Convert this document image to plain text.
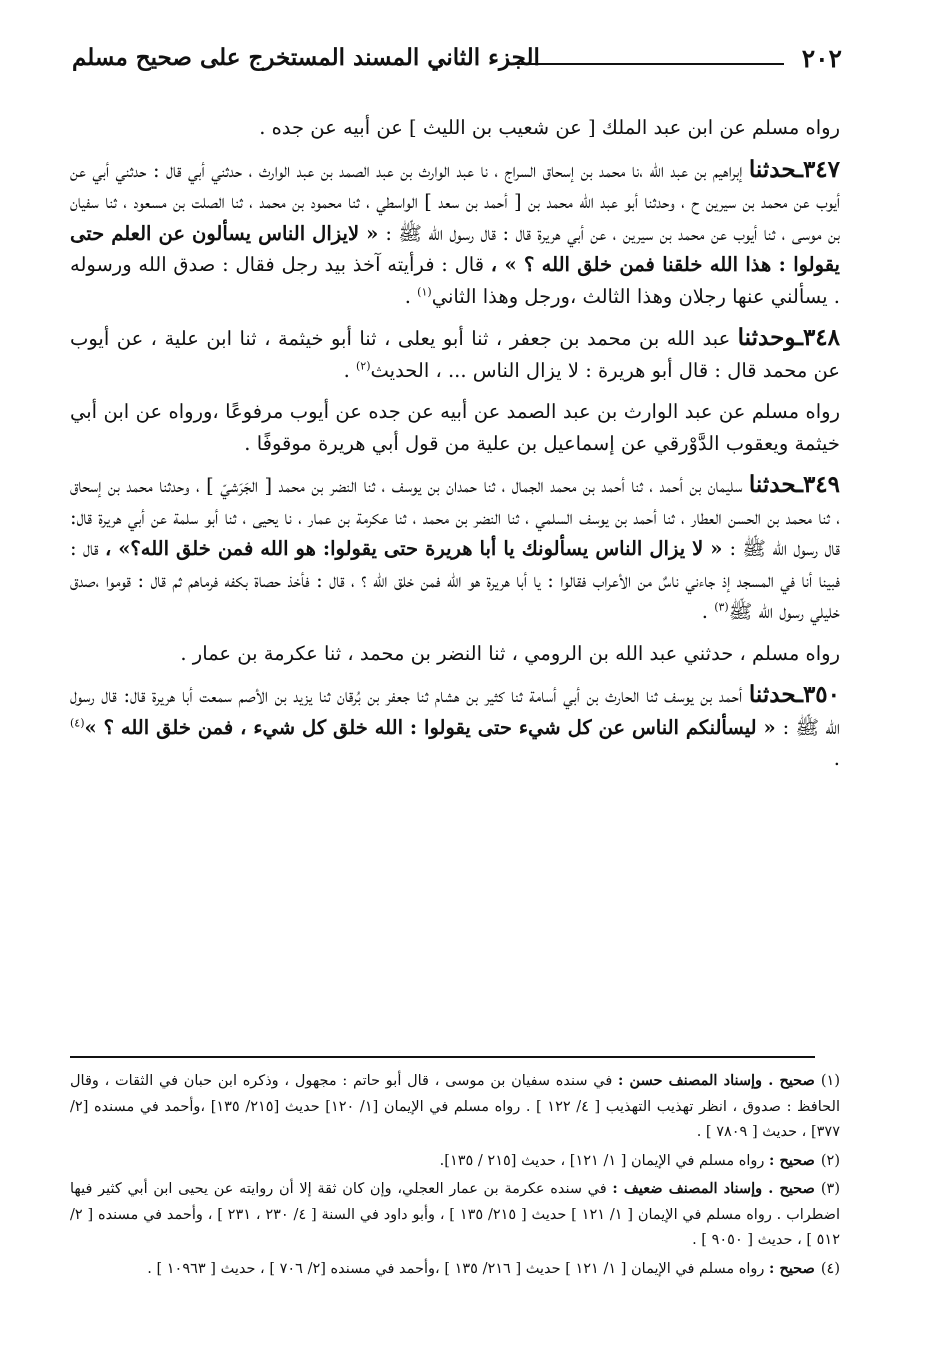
٢٠٢
الجزء الثاني المسند المستخرج على صحيح مسلم

رواه مسلم عن ابن عبد الملك [ عن شعيب بن الليث ] عن أبيه عن جده .

٣٤٧ـحدثنا إبراهيم بن عبد الله ،نا محمد بن إسحاق السراج ، نا عبد الوارث بن عبد الصمد بن عبد الوارث ، حدثني أبي قال : حدثني أبي عن أيوب عن محمد بن سيرين ح ، وحدثنا أبو عبد الله محمد بن [ أحمد بن سعد ] الواسطي ، ثنا محمود بن محمد ، ثنا الصلت بن مسعود ، ثنا سفيان بن موسى ، ثنا أيوب عن محمد بن سيرين ، عن أبي هريرة قال : قال رسول الله ﷺ : « لايزال الناس يسألون عن العلم حتى يقولوا : هذا الله خلقنا فمن خلق الله ؟ » ، قال : فرأيته آخذ بيد رجل فقال : صدق الله ورسوله . يسألني عنها رجلان وهذا الثالث ،ورجل وهذا الثاني$^{(١)}$ .

٣٤٨ـوحدثنا عبد الله بن محمد بن جعفر ، ثنا أبو يعلى ، ثنا أبو خيثمة ، ثنا ابن علية ، عن أيوب عن محمد قال : قال أبو هريرة : لا يزال الناس ... ، الحديث$^{(٢)}$ .

رواه مسلم عن عبد الوارث بن عبد الصمد عن أبيه عن جده عن أيوب مرفوعًا ،ورواه عن ابن أبي خيثمة ويعقوب الدَّوْرقي عن إسماعيل بن علية من قول أبي هريرة موقوفًا .

٣٤٩ـحدثنا سليمان بن أحمد ، ثنا أحمد بن محمد الجمال ، ثنا حمدان بن يوسف ، ثنا النضر بن محمد [ الجَرَشيّ ] ، وحدثنا محمد بن إسحاق ، ثنا محمد بن الحسن العطار ، ثنا أحمد بن يوسف السلمي ، ثنا النضر بن محمد ، ثنا عكرمة بن عمار ، نا يحيى ، ثنا أبو سلمة عن أبي هريرة قال: قال رسول الله ﷺ : « لا يزال الناس يسألونك يا أبا هريرة حتى يقولوا: هو الله فمن خلق الله؟» ، قال : فبينا أنا في المسجد إذ جاءني ناسٌ من الأعراب فقالوا : يا أبا هريرة هو الله فمن خلق الله ؟ ، قال : فأخذ حصاة بكفه فرماهم ثم قال : قوموا ،صدق خليلي رسول الله ﷺ$^{(٣)}$ .

رواه مسلم ، حدثني عبد الله بن الرومي ، ثنا النضر بن محمد ، ثنا عكرمة بن عمار .

٣٥٠ـحدثنا أحمد بن يوسف ثنا الحارث بن أبي أسامة ثنا كثير بن هشام ثنا جعفر بن بُرقان ثنا يزيد بن الأصم سمعت أبا هريرة قال: قال رسول الله ﷺ : « ليسألنكم الناس عن كل شيء حتى يقولوا : الله خلق كل شيء ، فمن خلق الله ؟ »$^{(٤)}$ .

(١)صحيح . وإسناد المصنف حسن : في سنده سفيان بن موسى ، قال أبو حاتم : مجهول ، وذكره ابن حبان في الثقات ، وقال الحافظ : صدوق ، انظر تهذيب التهذيب [ ٤/ ١٢٢ ] . رواه مسلم في الإيمان [١/ ١٢٠] حديث [٢١٥/ ١٣٥] ،وأحمد في مسنده [٢/ ٣٧٧] ، حديث [ ٧٨٠٩ ] .

(٢)صحيح : رواه مسلم في الإيمان [ ١/ ١٢١] ، حديث [٢١٥ / ١٣٥].

(٣)صحيح . وإسناد المصنف ضعيف : في سنده عكرمة بن عمار العجلي، وإن كان ثقة إلا أن روايته عن يحيى ابن أبي كثير فيها اضطراب . رواه مسلم في الإيمان [ ١/ ١٢١ ] حديث [ ٢١٥/ ١٣٥ ] ، وأبو داود في السنة [ ٤/ ٢٣٠ ، ٢٣١ ] ، وأحمد في مسنده [ ٢/ ٥١٢ ] ، حديث [ ٩٠٥٠ ] .

(٤)صحيح : رواه مسلم في الإيمان [ ١/ ١٢١ ] حديث [ ٢١٦/ ١٣٥ ] ،وأحمد في مسنده [٢/ ٧٠٦ ] ، حديث [ ١٠٩٦٣ ] .
